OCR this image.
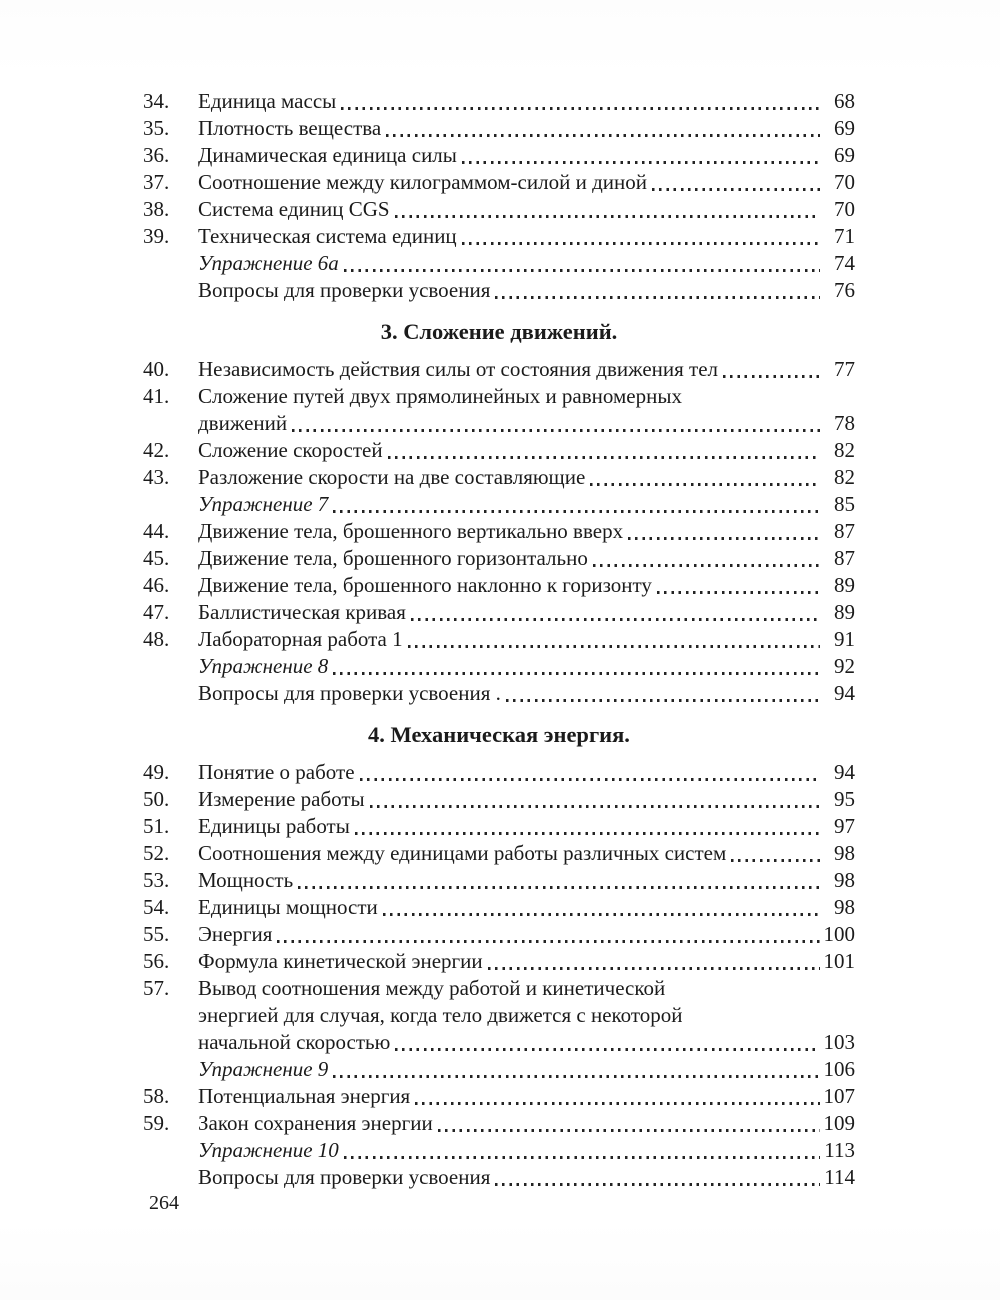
34.	Единица массы	68
35.	Плотность вещества	69
36.	Динамическая единица силы	69
37.	Соотношение между килограммом-силой и диной	70
38.	Система единиц CGS	70
39.	Техническая система единиц	71
Упражнение 6а	74
Вопросы для проверки усвоения	76
3. Сложение движений.
40.	Независимость действия силы от состояния движения тел	77
41.	Сложение путей двух прямолинейных и равномерных
движений	78
42.	Сложение скоростей	82
43.	Разложение скорости на две составляющие	82
Упражнение 7	85
44.	Движение тела, брошенного вертикально вверх	87
45.	Движение тела, брошенного горизонтально	87
46.	Движение тела, брошенного наклонно к горизонту	89
47.	Баллистическая кривая	89
48.	Лабораторная работа 1	91
Упражнение 8	92
Вопросы для проверки усвоения .	94
4. Механическая энергия.
49.	Понятие о работе	94
50.	Измерение работы	95
51.	Единицы работы	97
52.	Соотношения между единицами работы различных систем	98
53.	Мощность	98
54.	Единицы мощности	98
55.	Энергия	100
56.	Формула кинетической энергии	101
57.	Вывод соотношения между работой и кинетической
энергией для случая, когда тело движется с некоторой
начальной скоростью	103
Упражнение 9	106
58.	Потенциальная энергия	107
59.	Закон сохранения энергии	109
Упражнение 10	113
Вопросы для проверки усвоения	114
264
